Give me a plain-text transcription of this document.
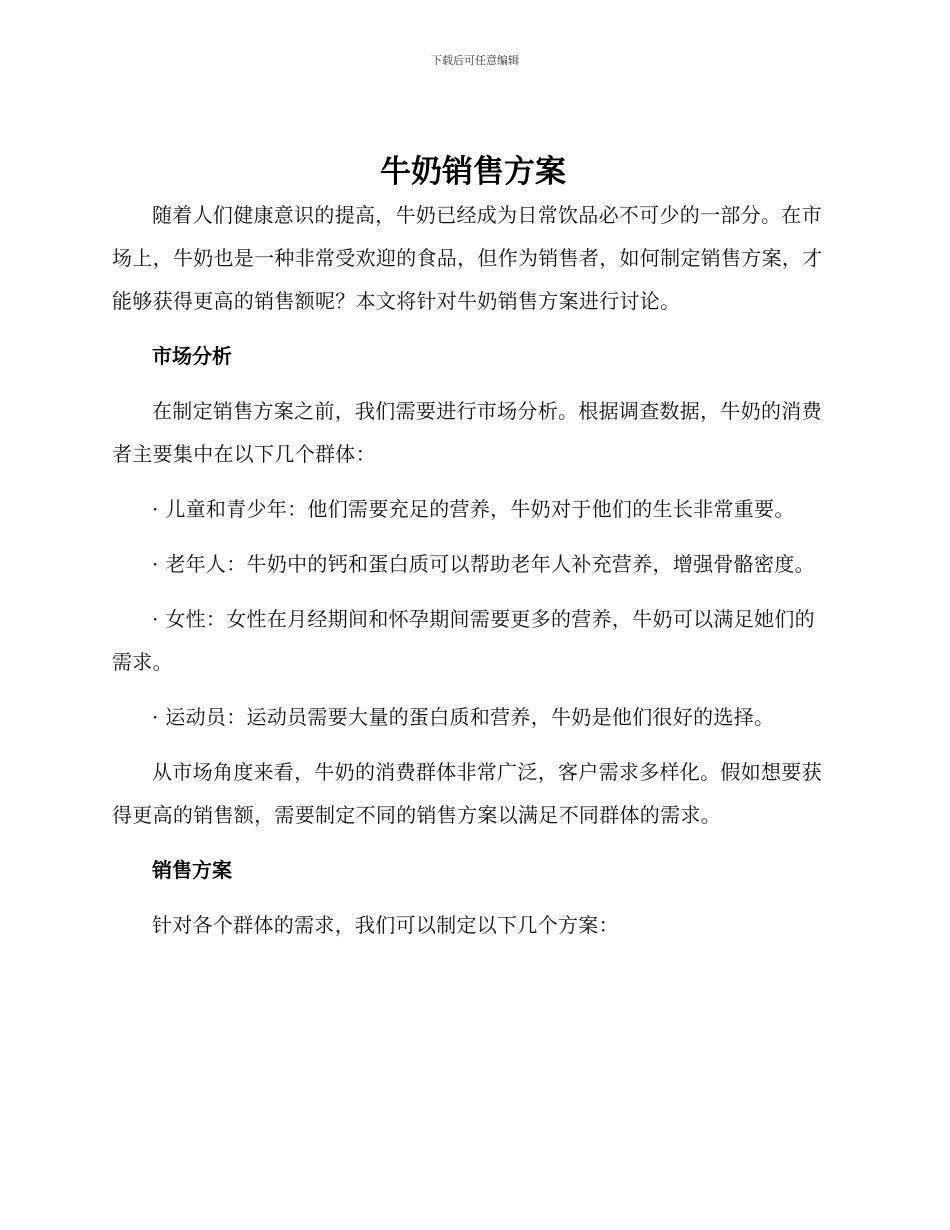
下载后可任意编辑
牛奶销售方案

随着人们健康意识的提高，牛奶已经成为日常饮品必不可少的一部分。在市场上，牛奶也是一种非常受欢迎的食品，但作为销售者，如何制定销售方案，才能够获得更高的销售额呢？本文将针对牛奶销售方案进行讨论。

市场分析

在制定销售方案之前，我们需要进行市场分析。根据调查数据，牛奶的消费者主要集中在以下几个群体：

· 儿童和青少年：他们需要充足的营养，牛奶对于他们的生长非常重要。

· 老年人：牛奶中的钙和蛋白质可以帮助老年人补充营养，增强骨骼密度。

· 女性：女性在月经期间和怀孕期间需要更多的营养，牛奶可以满足她们的需求。

· 运动员：运动员需要大量的蛋白质和营养，牛奶是他们很好的选择。

从市场角度来看，牛奶的消费群体非常广泛，客户需求多样化。假如想要获得更高的销售额，需要制定不同的销售方案以满足不同群体的需求。

销售方案

针对各个群体的需求，我们可以制定以下几个方案：
